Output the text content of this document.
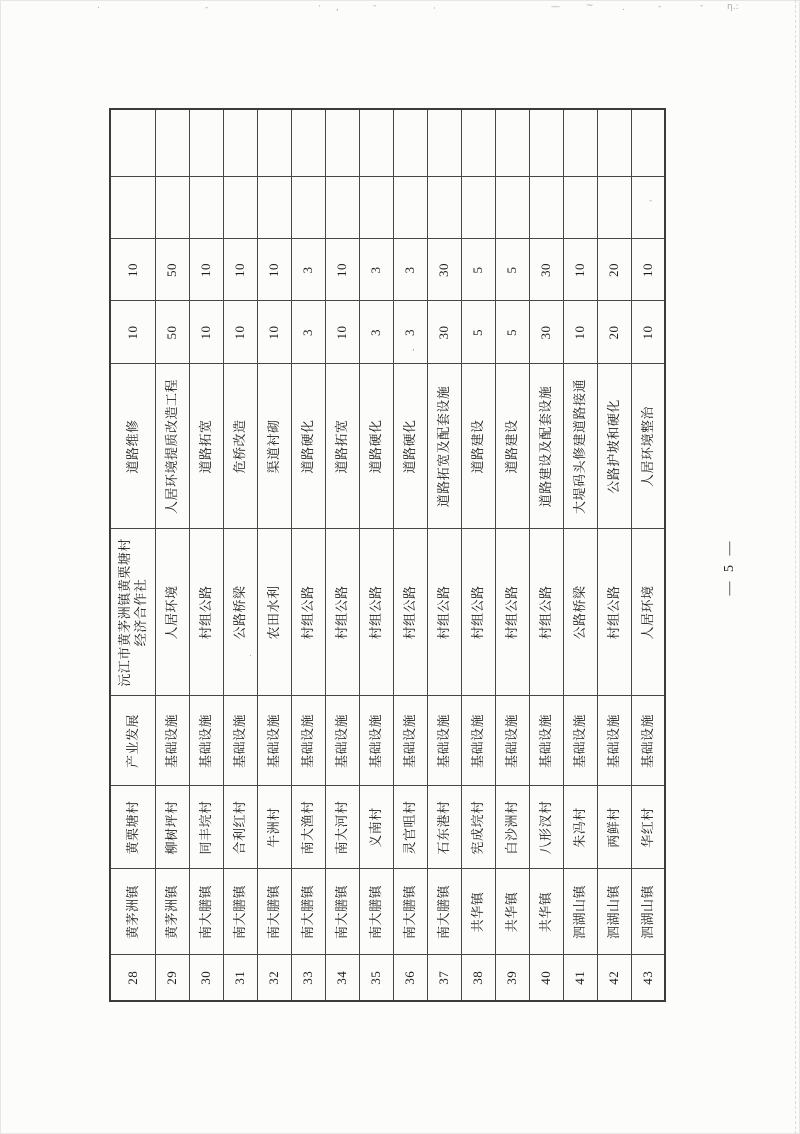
28	黄茅洲镇	黄栗塘村	产业发展	沅江市黄茅洲镇黄栗塘村经济合作社	道路维修	10	10		
29	黄茅洲镇	柳树坪村	基础设施	人居环境	人居环境提质改造工程	50	50		
30	南大膳镇	同丰垸村	基础设施	村组公路	道路拓宽	10	10		
31	南大膳镇	合利红村	基础设施	公路桥梁	危桥改造	10	10		
32	南大膳镇	牛洲村	基础设施	农田水利	渠道衬砌	10	10		
33	南大膳镇	南大渔村	基础设施	村组公路	道路硬化	3	3		
34	南大膳镇	南大河村	基础设施	村组公路	道路拓宽	10	10		
35	南大膳镇	义南村	基础设施	村组公路	道路硬化	3	3		
36	南大膳镇	灵官咀村	基础设施	村组公路	道路硬化	3	3		
37	南大膳镇	石东港村	基础设施	村组公路	道路拓宽及配套设施	30	30		
38	共华镇	宪成垸村	基础设施	村组公路	道路建设	5	5		
39	共华镇	白沙洲村	基础设施	村组公路	道路建设	5	5		
40	共华镇	八形汊村	基础设施	村组公路	道路建设及配套设施	30	30		
41	泗湖山镇	朱冯村	基础设施	公路桥梁	大堤码头修建道路接通	10	10		
42	泗湖山镇	两鲜村	基础设施	村组公路	公路护坡和硬化	20	20		
43	泗湖山镇	华红村	基础设施	人居环境	人居环境整治	10	10		
— 5 —
.	-	· ,	-	·	—	~	.	-	-	η.:
-
.
,
